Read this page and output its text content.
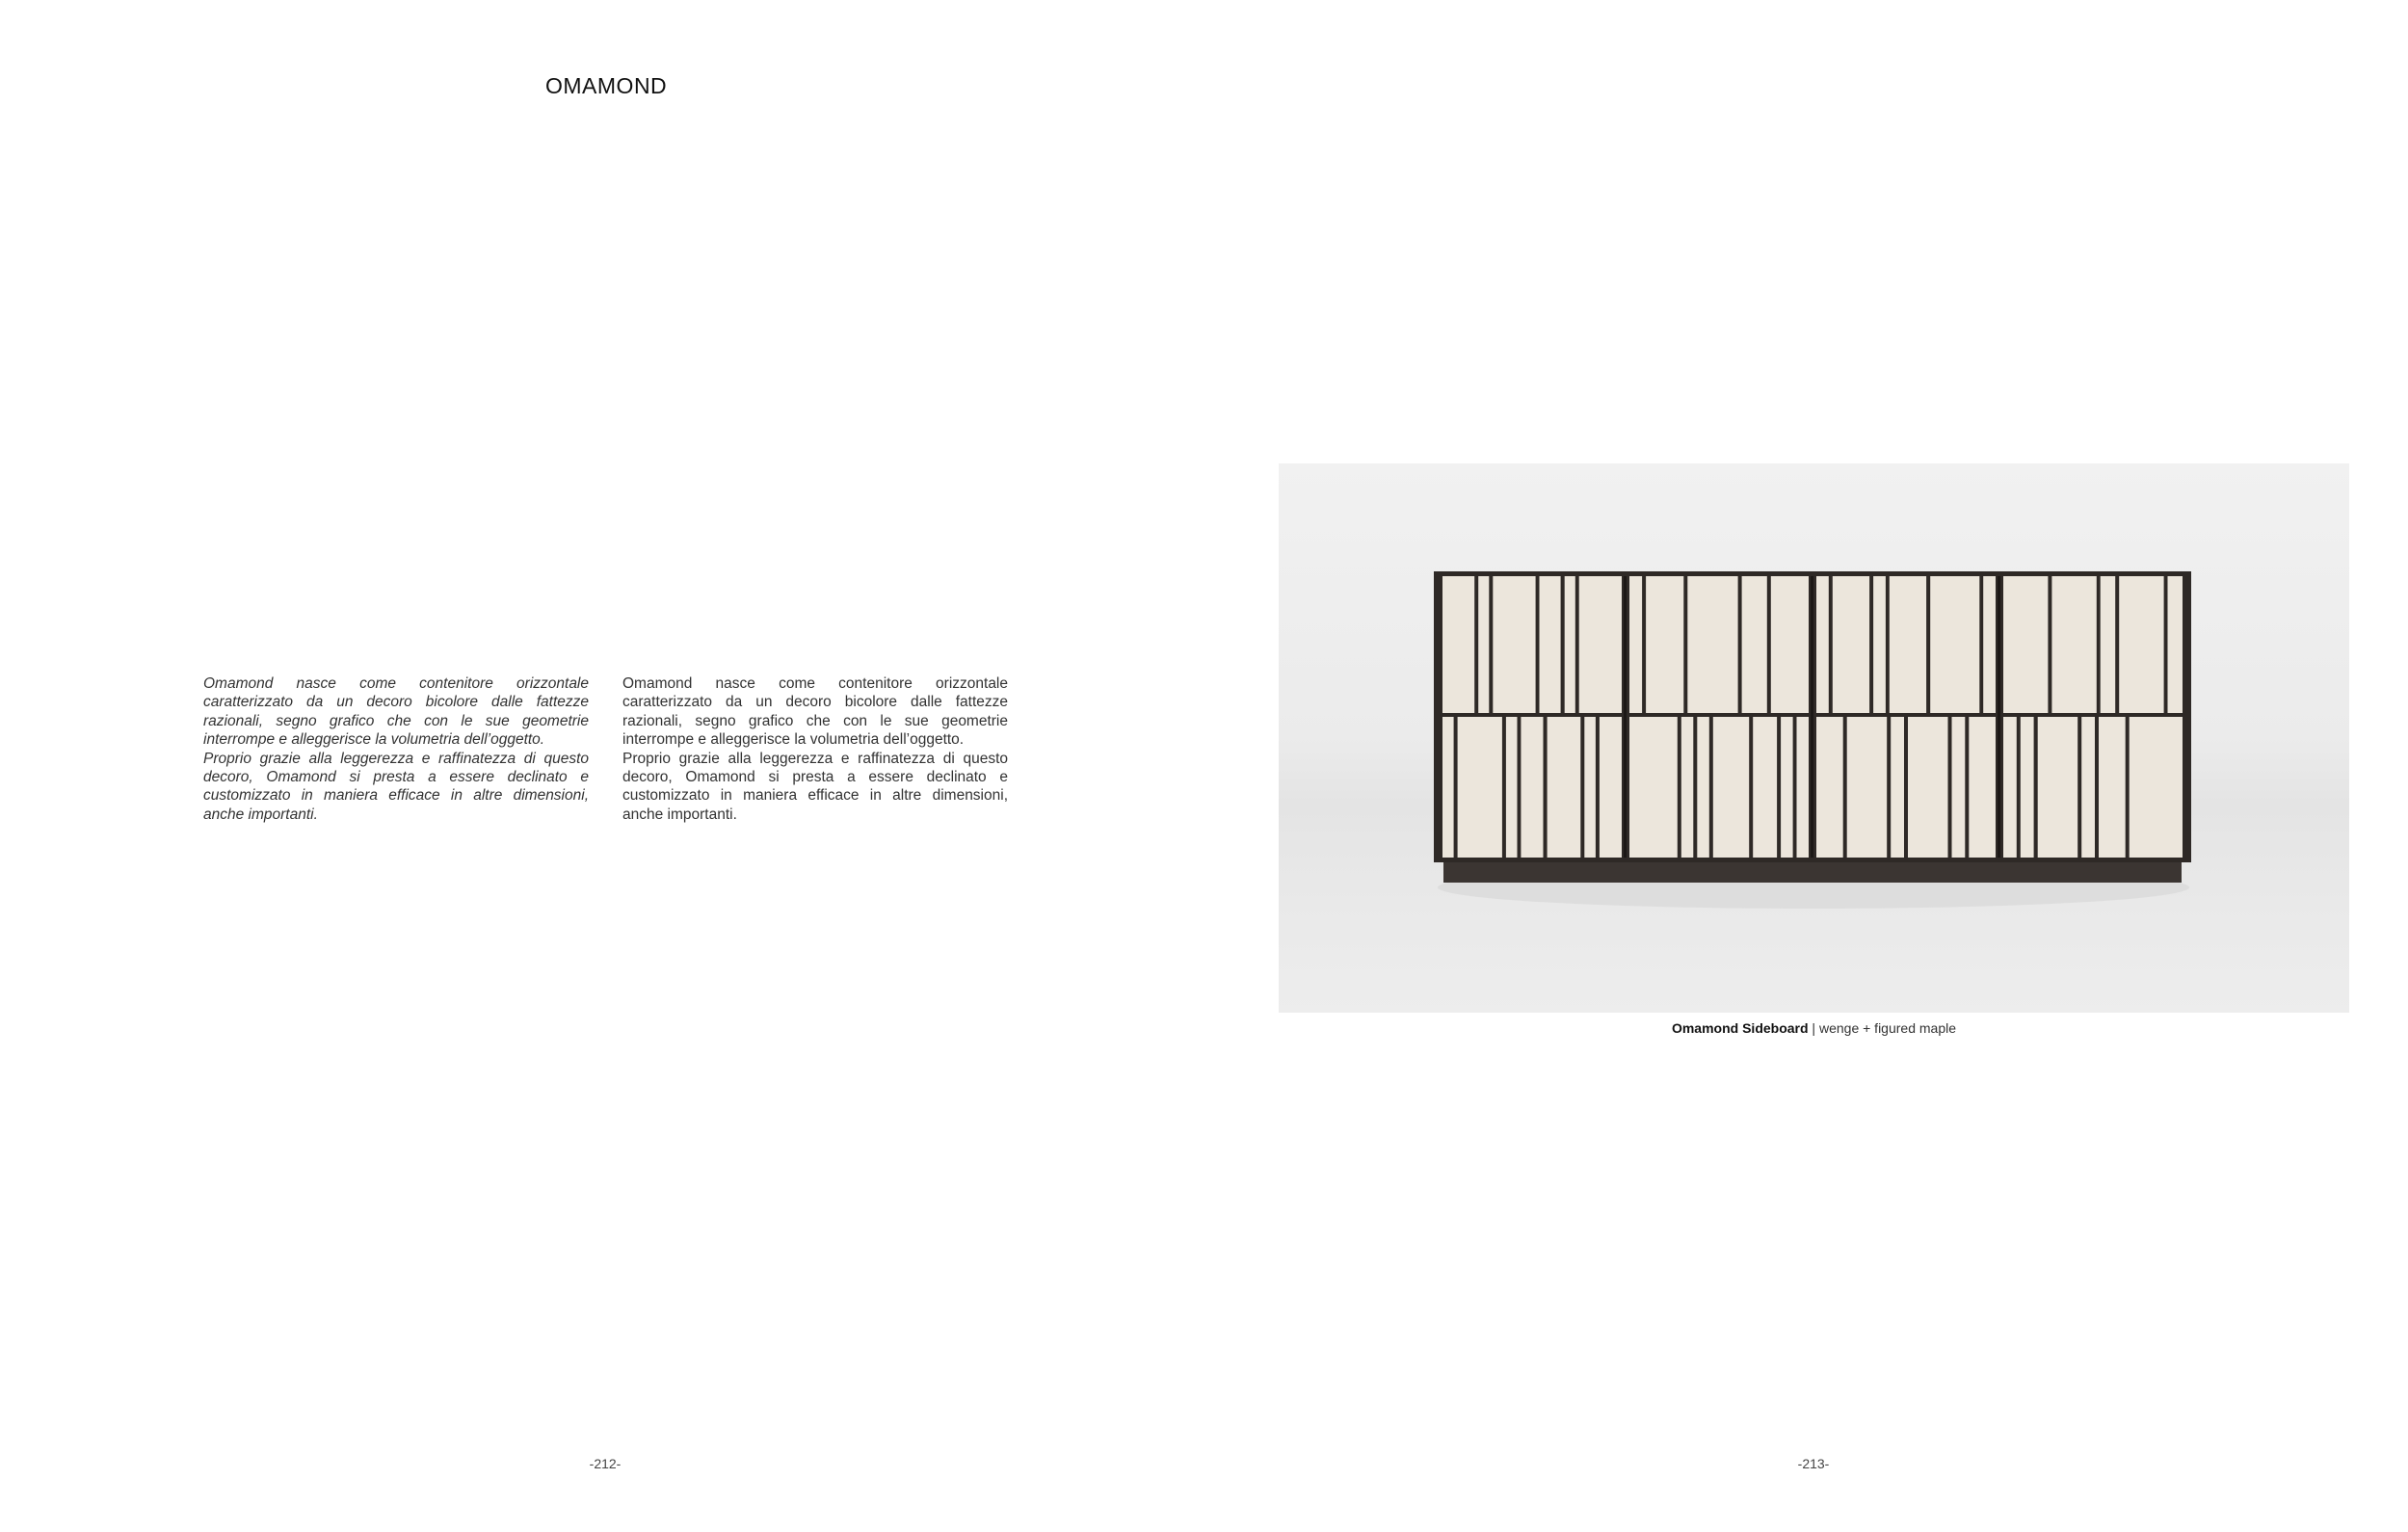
OMAMOND

Omamond nasce come contenitore orizzontale caratterizzato da un decoro bicolore dalle fattezze razionali, segno grafico che con le sue geometrie interrompe e alleggerisce la volumetria dell’oggetto.

Proprio grazie alla leggerezza e raffinatezza di questo decoro, Omamond si presta a essere declinato e customizzato in maniera efficace in altre dimensioni, anche importanti.

Omamond nasce come contenitore orizzontale caratterizzato da un decoro bicolore dalle fattezze razionali, segno grafico che con le sue geometrie interrompe e alleggerisce la volumetria dell’oggetto.

Proprio grazie alla leggerezza e raffinatezza di questo decoro, Omamond si presta a essere declinato e customizzato in maniera efficace in altre dimensioni, anche importanti.

Omamond Sideboard | wenge + figured maple
-212-	-213-
